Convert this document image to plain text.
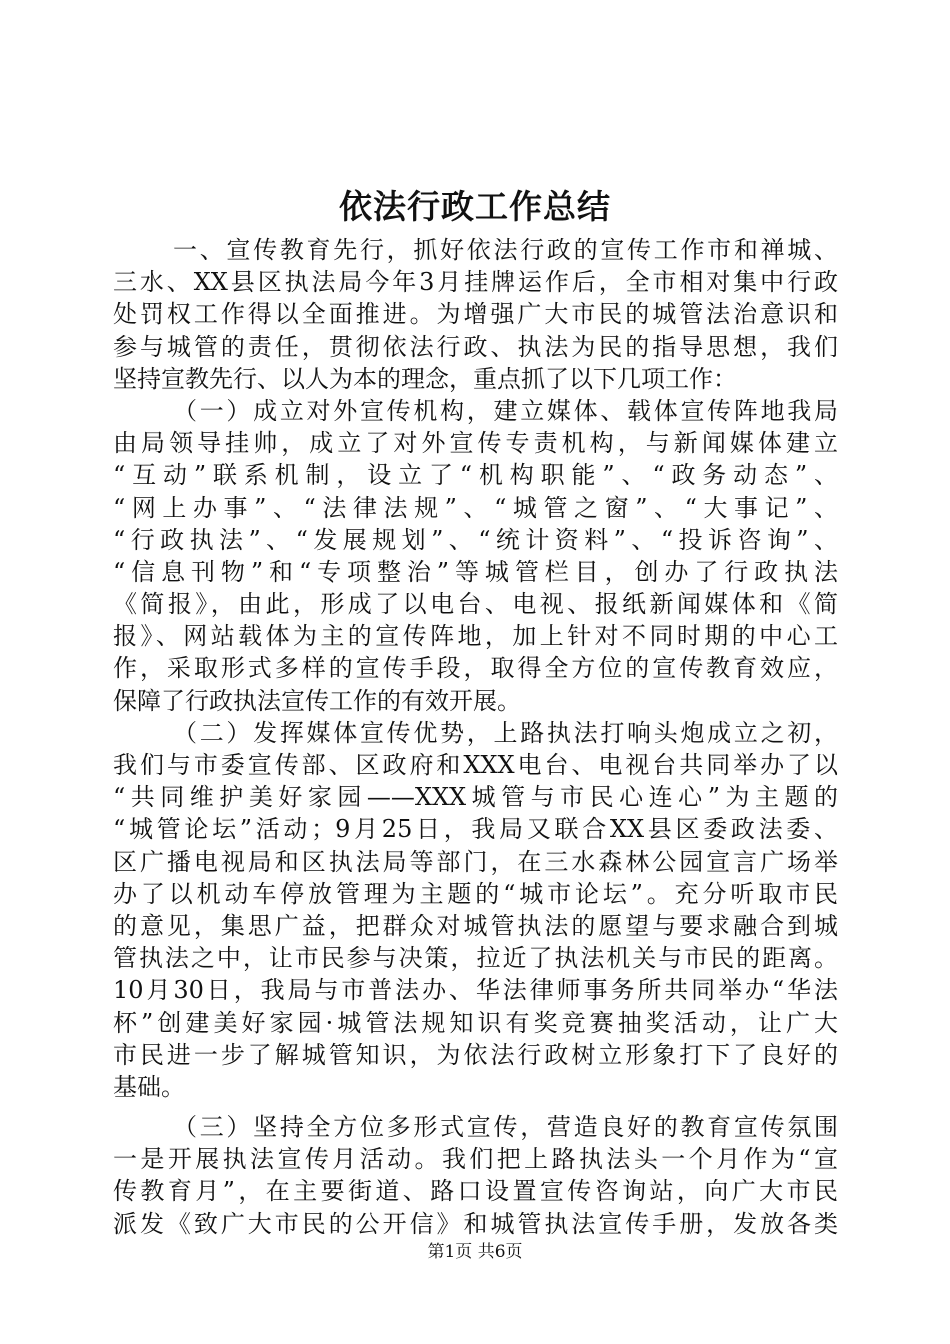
依法行政工作总结
一、宣传教育先行，抓好依法行政的宣传工作市和禅城、
三水、XX县区执法局今年3月挂牌运作后，全市相对集中行政
处罚权工作得以全面推进。为增强广大市民的城管法治意识和
参与城管的责任，贯彻依法行政、执法为民的指导思想，我们
坚持宣教先行、以人为本的理念，重点抓了以下几项工作：
（一）成立对外宣传机构，建立媒体、载体宣传阵地我局
由局领导挂帅，成立了对外宣传专责机构，与新闻媒体建立
“互动”联系机制，设立了“机构职能”、“政务动态”、
“网上办事”、“法律法规”、“城管之窗”、“大事记”、
“行政执法”、“发展规划”、“统计资料”、“投诉咨询”、
“信息刊物”和“专项整治”等城管栏目，创办了行政执法
《简报》，由此，形成了以电台、电视、报纸新闻媒体和《简
报》、网站载体为主的宣传阵地，加上针对不同时期的中心工
作，采取形式多样的宣传手段，取得全方位的宣传教育效应，
保障了行政执法宣传工作的有效开展。
（二）发挥媒体宣传优势，上路执法打响头炮成立之初，
我们与市委宣传部、区政府和XXX电台、电视台共同举办了以
“共同维护美好家园——XXX城管与市民心连心”为主题的
“城管论坛”活动；9月25日，我局又联合XX县区委政法委、
区广播电视局和区执法局等部门，在三水森林公园宣言广场举
办了以机动车停放管理为主题的“城市论坛”。充分听取市民
的意见，集思广益，把群众对城管执法的愿望与要求融合到城
管执法之中，让市民参与决策，拉近了执法机关与市民的距离。
10月30日，我局与市普法办、华法律师事务所共同举办“华法
杯”创建美好家园·城管法规知识有奖竞赛抽奖活动，让广大
市民进一步了解城管知识，为依法行政树立形象打下了良好的
基础。
（三）坚持全方位多形式宣传，营造良好的教育宣传氛围
一是开展执法宣传月活动。我们把上路执法头一个月作为“宣
传教育月”，在主要街道、路口设置宣传咨询站，向广大市民
派发《致广大市民的公开信》和城管执法宣传手册，发放各类
第1页 共6页
